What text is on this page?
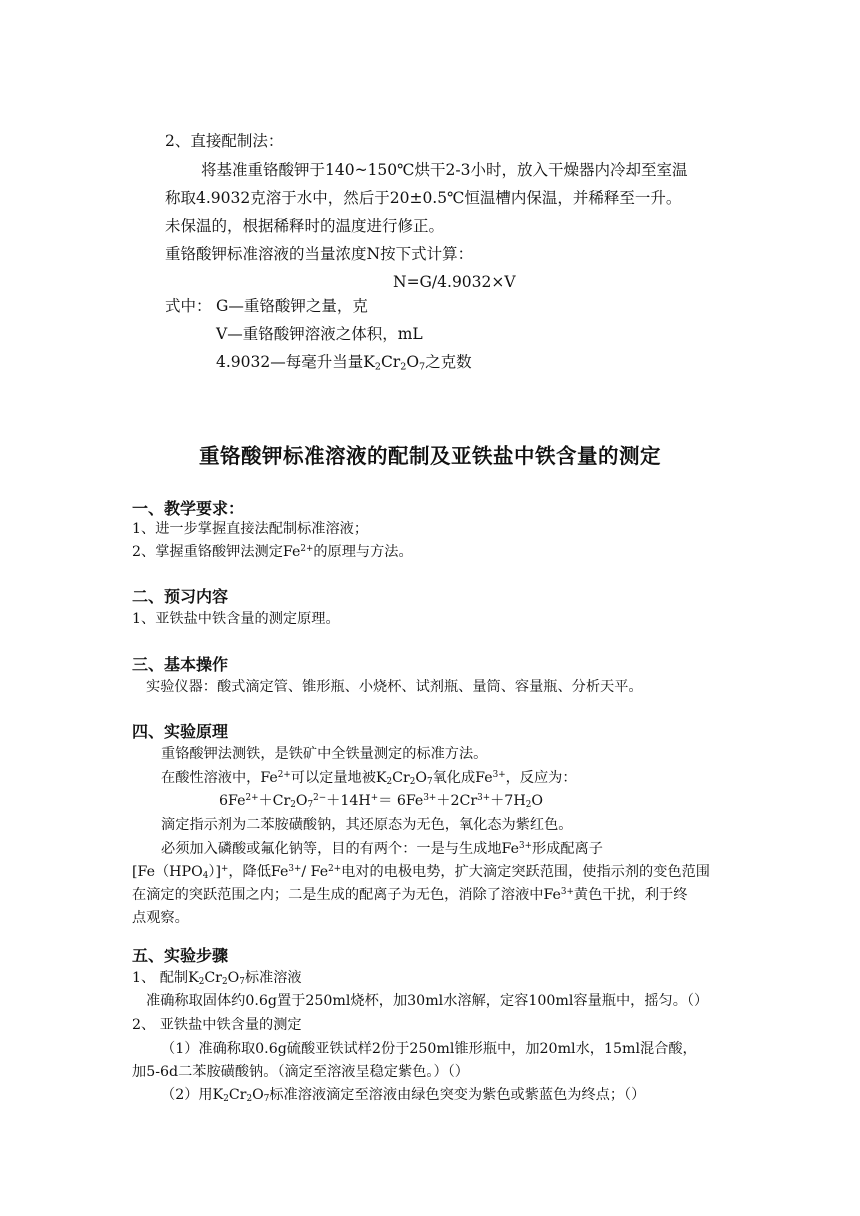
2、直接配制法：
将基准重铬酸钾于140~150℃烘干2-3小时，放入干燥器内冷却至室温
称取4.9032克溶于水中，然后于20±0.5℃恒温槽内保温，并稀释至一升。
未保温的，根据稀释时的温度进行修正。
重铬酸钾标准溶液的当量浓度N按下式计算：
N=G/4.9032×V
式中： G—重铬酸钾之量，克
V—重铬酸钾溶液之体积，mL
4.9032—每毫升当量$K_2Cr_2O_7$之克数
重铬酸钾标准溶液的配制及亚铁盐中铁含量的测定
一、教学要求：
1、进一步掌握直接法配制标准溶液；
2、掌握重铬酸钾法测定$Fe^{2+}$的原理与方法。
二、预习内容
1、亚铁盐中铁含量的测定原理。
三、基本操作
实验仪器：酸式滴定管、锥形瓶、小烧杯、试剂瓶、量筒、容量瓶、分析天平。
四、实验原理
重铬酸钾法测铁，是铁矿中全铁量测定的标准方法。
在酸性溶液中，$Fe^{2+}$可以定量地被$K_2Cr_2O_7$氧化成$Fe^{3+}$，反应为：
$6Fe^{2+}+Cr_2O_7^{2-}+14H^+= 6Fe^{3+}+2Cr^{3+}+7H_2O$
滴定指示剂为二苯胺磺酸钠，其还原态为无色，氧化态为紫红色。
必须加入磷酸或氟化钠等，目的有两个：一是与生成地$Fe^{3+}$形成配离子
$[Fe(HPO_4)]^+$，降低$Fe^{3+}/$ $Fe^{2+}$电对的电极电势，扩大滴定突跃范围，使指示剂的变色范围
在滴定的突跃范围之内；二是生成的配离子为无色，消除了溶液中$Fe^{3+}$黄色干扰，利于终
点观察。
五、实验步骤
1、 配制$K_2Cr_2O_7$标准溶液
准确称取固体约0.6g置于250ml烧杯，加30ml水溶解，定容100ml容量瓶中，摇匀。（）
2、 亚铁盐中铁含量的测定
（1）准确称取0.6g硫酸亚铁试样2份于250ml锥形瓶中，加20ml水，15ml混合酸，
加5-6d二苯胺磺酸钠。（滴定至溶液呈稳定紫色。）（）
（2）用$K_2Cr_2O_7$标准溶液滴定至溶液由绿色突变为紫色或紫蓝色为终点；（）
